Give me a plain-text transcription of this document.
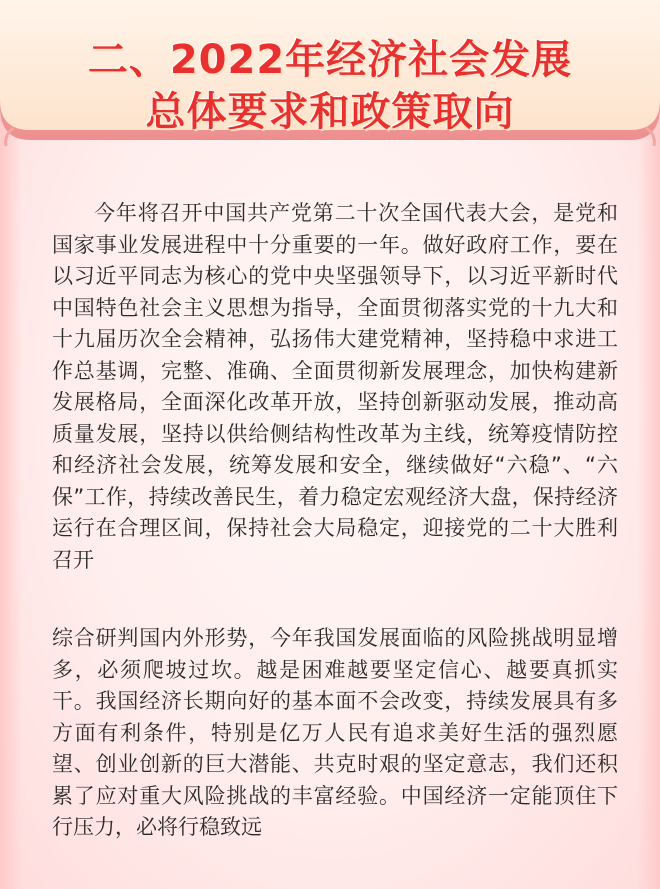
二、2022年经济社会发展
总体要求和政策取向

今年将召开中国共产党第二十次全国代表大会，是党和国家事业发展进程中十分重要的一年。做好政府工作，要在以习近平同志为核心的党中央坚强领导下，以习近平新时代中国特色社会主义思想为指导，全面贯彻落实党的十九大和十九届历次全会精神，弘扬伟大建党精神，坚持稳中求进工作总基调，完整、准确、全面贯彻新发展理念，加快构建新发展格局，全面深化改革开放，坚持创新驱动发展，推动高质量发展，坚持以供给侧结构性改革为主线，统筹疫情防控和经济社会发展，统筹发展和安全，继续做好“六稳”、“六保”工作，持续改善民生，着力稳定宏观经济大盘，保持经济运行在合理区间，保持社会大局稳定，迎接党的二十大胜利召开

综合研判国内外形势，今年我国发展面临的风险挑战明显增多，必须爬坡过坎。越是困难越要坚定信心、越要真抓实干。我国经济长期向好的基本面不会改变，持续发展具有多方面有利条件，特别是亿万人民有追求美好生活的强烈愿望、创业创新的巨大潜能、共克时艰的坚定意志，我们还积累了应对重大风险挑战的丰富经验。中国经济一定能顶住下行压力，必将行稳致远
